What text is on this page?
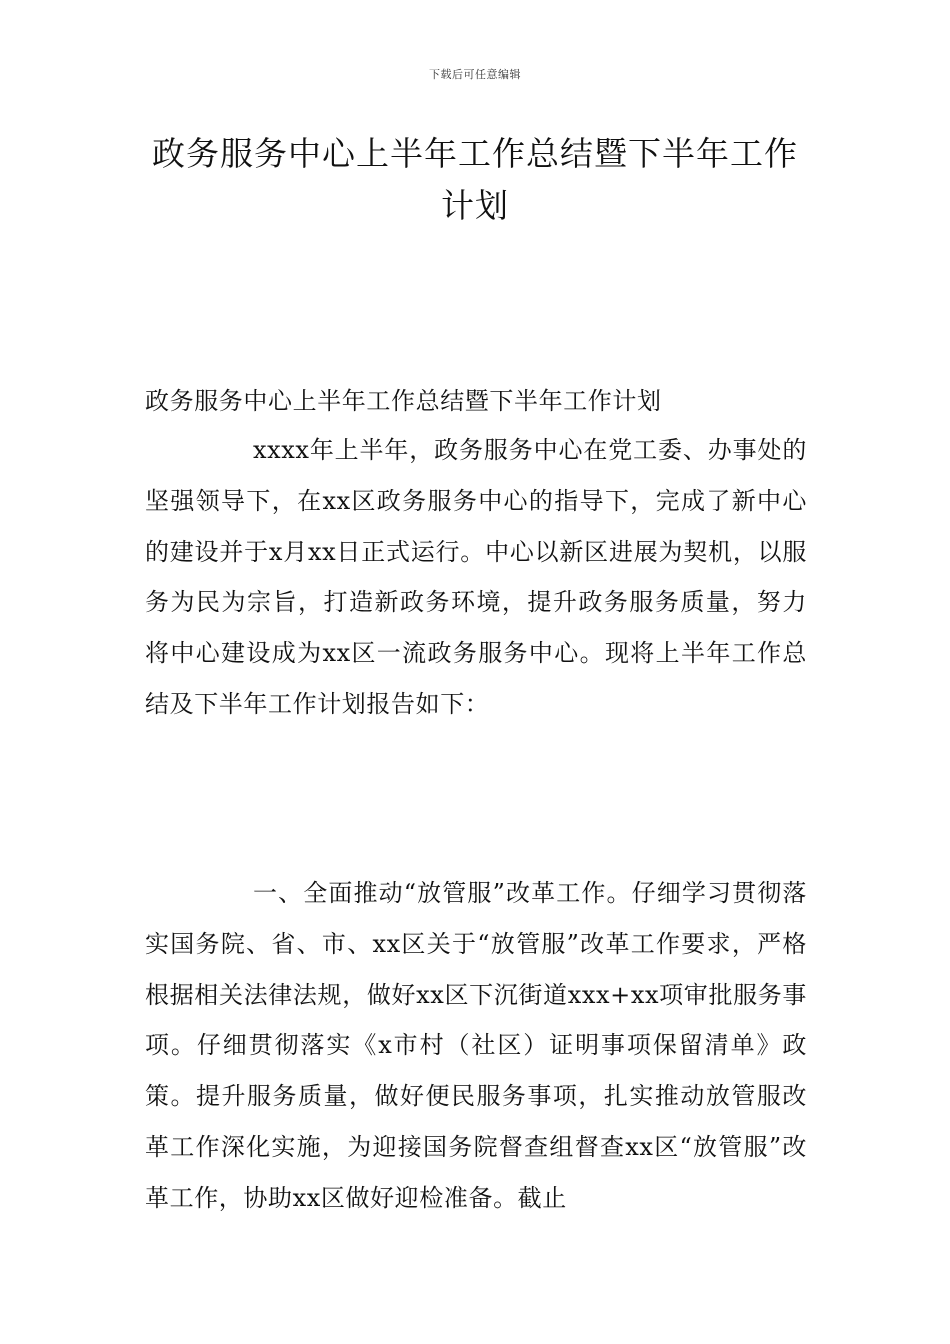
下载后可任意编辑
政务服务中心上半年工作总结暨下半年工作计划

政务服务中心上半年工作总结暨下半年工作计划

xxxx年上半年，政务服务中心在党工委、办事处的坚强领导下，在xx区政务服务中心的指导下，完成了新中心的建设并于x月xx日正式运行。中心以新区进展为契机，以服务为民为宗旨，打造新政务环境，提升政务服务质量，努力将中心建设成为xx区一流政务服务中心。现将上半年工作总结及下半年工作计划报告如下：

一、全面推动“放管服”改革工作。仔细学习贯彻落实国务院、省、市、xx区关于“放管服”改革工作要求，严格根据相关法律法规，做好xx区下沉街道xxx+xx项审批服务事项。仔细贯彻落实《x市村（社区）证明事项保留清单》政策。提升服务质量，做好便民服务事项，扎实推动放管服改革工作深化实施，为迎接国务院督查组督查xx区“放管服”改革工作，协助xx区做好迎检准备。截止
